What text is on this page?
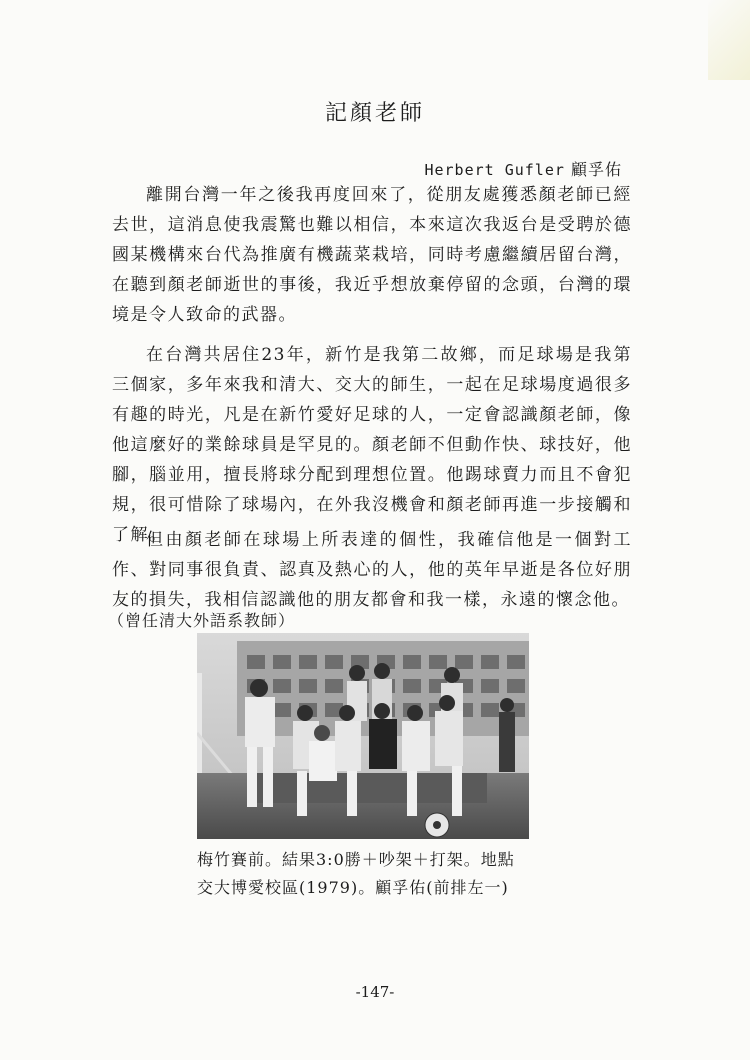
記顏老師
Herbert Gufler 顧孚佑

離開台灣一年之後我再度回來了，從朋友處獲悉顏老師已經去世，這消息使我震驚也難以相信，本來這次我返台是受聘於德國某機構來台代為推廣有機蔬菜栽培，同時考慮繼續居留台灣，在聽到顏老師逝世的事後，我近乎想放棄停留的念頭，台灣的環境是令人致命的武器。

在台灣共居住23年，新竹是我第二故鄉，而足球場是我第三個家，多年來我和清大、交大的師生，一起在足球場度過很多有趣的時光，凡是在新竹愛好足球的人，一定會認識顏老師，像他這麼好的業餘球員是罕見的。顏老師不但動作快、球技好，他腳，腦並用，擅長將球分配到理想位置。他踢球賣力而且不會犯規，很可惜除了球場內，在外我沒機會和顏老師再進一步接觸和了解。

但由顏老師在球場上所表達的個性，我確信他是一個對工作、對同事很負責、認真及熱心的人，他的英年早逝是各位好朋友的損失，我相信認識他的朋友都會和我一樣，永遠的懷念他。

（曾任清大外語系教師）
梅竹賽前。結果3:0勝＋吵架＋打架。地點
交大博愛校區(1979)。顧孚佑(前排左一)
-147-
